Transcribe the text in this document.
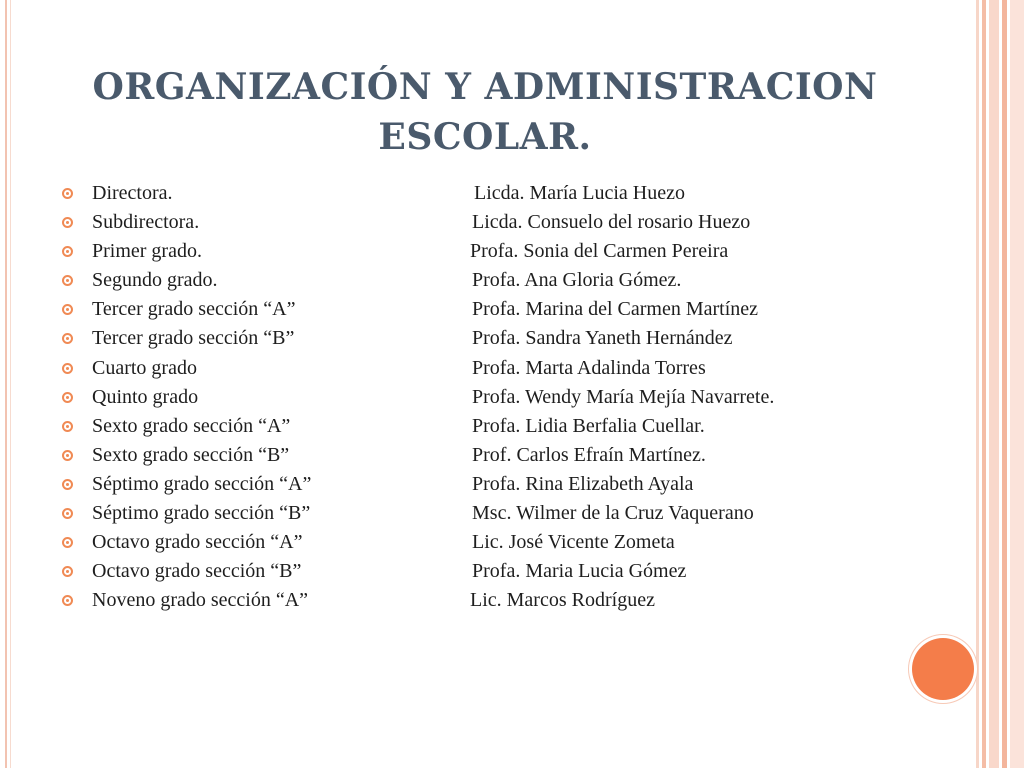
ORGANIZACIÓN Y ADMINISTRACION
ESCOLAR.
Directora.	Licda. María Lucia Huezo
Subdirectora.	Licda. Consuelo del rosario Huezo
Primer grado.	Profa. Sonia del Carmen Pereira
Segundo grado.	Profa. Ana Gloria Gómez.
Tercer grado sección “A”	Profa. Marina del Carmen Martínez
Tercer grado sección “B”	Profa. Sandra Yaneth Hernández
Cuarto grado	Profa. Marta Adalinda Torres
Quinto grado	Profa. Wendy María Mejía Navarrete.
Sexto grado sección “A”	Profa. Lidia Berfalia Cuellar.
Sexto grado sección “B”	Prof. Carlos Efraín Martínez.
Séptimo grado sección “A”	Profa. Rina Elizabeth Ayala
Séptimo grado sección “B”	Msc. Wilmer de la Cruz Vaquerano
Octavo grado sección “A”	Lic. José Vicente Zometa
Octavo grado sección “B”	Profa. Maria Lucia Gómez
Noveno grado sección “A”	Lic. Marcos Rodríguez
